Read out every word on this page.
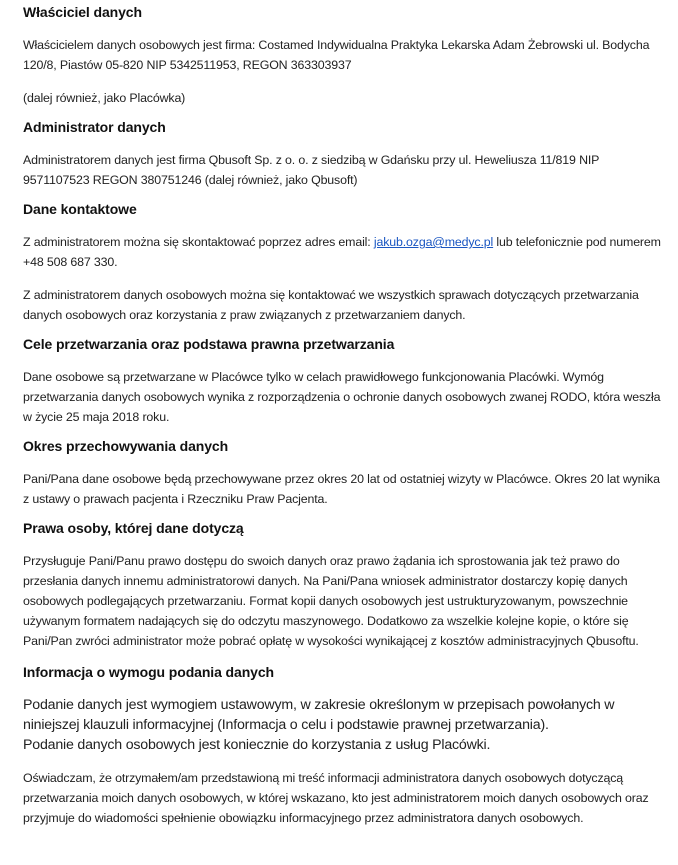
Właściciel danych

Właścicielem danych osobowych jest firma: Costamed Indywidualna Praktyka Lekarska Adam Żebrowski ul. Bodycha 120/8, Piastów 05-820 NIP 5342511953, REGON 363303937

(dalej również, jako Placówka)

Administrator danych

Administratorem danych jest firma Qbusoft Sp. z o. o. z siedzibą w Gdańsku przy ul. Heweliusza 11/819 NIP 9571107523 REGON 380751246 (dalej również, jako Qbusoft)

Dane kontaktowe

Z administratorem można się skontaktować poprzez adres email: jakub.ozga@medyc.pl lub telefonicznie pod numerem +48 508 687 330.

Z administratorem danych osobowych można się kontaktować we wszystkich sprawach dotyczących przetwarzania danych osobowych oraz korzystania z praw związanych z przetwarzaniem danych.

Cele przetwarzania oraz podstawa prawna przetwarzania

Dane osobowe są przetwarzane w Placówce tylko w celach prawidłowego funkcjonowania Placówki. Wymóg przetwarzania danych osobowych wynika z rozporządzenia o ochronie danych osobowych zwanej RODO, która weszła w życie 25 maja 2018 roku.

Okres przechowywania danych

Pani/Pana dane osobowe będą przechowywane przez okres 20 lat od ostatniej wizyty w Placówce. Okres 20 lat wynika z ustawy o prawach pacjenta i Rzeczniku Praw Pacjenta.

Prawa osoby, której dane dotyczą

Przysługuje Pani/Panu prawo dostępu do swoich danych oraz prawo żądania ich sprostowania jak też prawo do przesłania danych innemu administratorowi danych. Na Pani/Pana wniosek administrator dostarczy kopię danych osobowych podlegających przetwarzaniu. Format kopii danych osobowych jest ustrukturyzowanym, powszechnie używanym formatem nadających się do odczytu maszynowego. Dodatkowo za wszelkie kolejne kopie, o które się Pani/Pan zwróci administrator może pobrać opłatę w wysokości wynikającej z kosztów administracyjnych Qbusoftu.

Informacja o wymogu podania danych

Podanie danych jest wymogiem ustawowym, w zakresie określonym w przepisach powołanych w niniejszej klauzuli informacyjnej (Informacja o celu i podstawie prawnej przetwarzania).

Podanie danych osobowych jest koniecznie do korzystania z usług Placówki.

Oświadczam, że otrzymałem/am przedstawioną mi treść informacji administratora danych osobowych dotyczącą przetwarzania moich danych osobowych, w której wskazano, kto jest administratorem moich danych osobowych oraz przyjmuje do wiadomości spełnienie obowiązku informacyjnego przez administratora danych osobowych.
